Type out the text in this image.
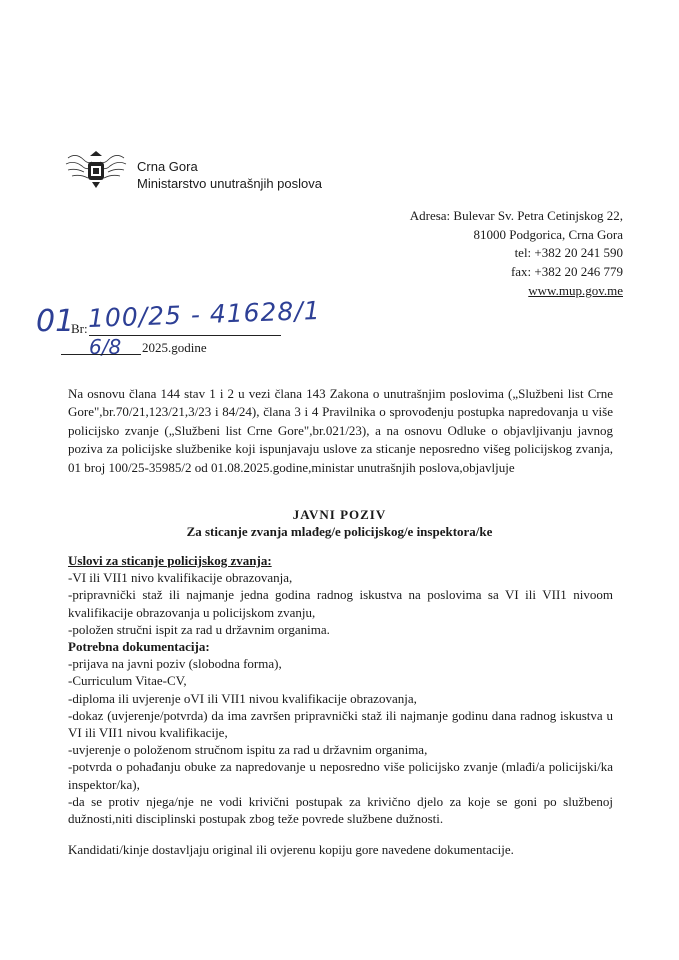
Crna Gora
Ministarstvo unutrašnjih poslova
Adresa: Bulevar Sv. Petra Cetinjskog 22,
81000 Podgorica, Crna Gora
tel: +382 20 241 590
fax: +382 20 246 779
www.mup.gov.me
01
Br: 100/25 - 41628/1
6/8 2025.godine
Na osnovu člana 144 stav 1 i 2 u vezi člana 143 Zakona o unutrašnjim poslovima („Službeni list Crne Gore",br.70/21,123/21,3/23 i 84/24), člana 3 i 4 Pravilnika o sprovođenju postupka napredovanja u više policijsko zvanje („Službeni list Crne Gore",br.021/23), a na osnovu Odluke o objavljivanju javnog poziva za policijske službenike koji ispunjavaju uslove za sticanje neposredno višeg policijskog zvanja, 01 broj 100/25-35985/2 od 01.08.2025.godine,ministar unutrašnjih poslova,objavljuje
JAVNI POZIV
Za sticanje zvanja mlađeg/e policijskog/e inspektora/ke
Uslovi za sticanje policijskog zvanja:
-VI ili VII1 nivo kvalifikacije obrazovanja,
-pripravnički staž ili najmanje jedna godina radnog iskustva na poslovima sa VI ili VII1 nivoom kvalifikacije obrazovanja u policijskom zvanju,
-položen stručni ispit za rad u državnim organima.
Potrebna dokumentacija:
-prijava na javni poziv (slobodna forma),
-Curriculum Vitae-CV,
-diploma ili uvjerenje oVI ili VII1 nivou kvalifikacije obrazovanja,
-dokaz (uvjerenje/potvrda) da ima završen pripravnički staž ili najmanje godinu dana radnog iskustva u VI ili VII1 nivou kvalifikacije,
-uvjerenje o položenom stručnom ispitu za rad u državnim organima,
-potvrda o pohađanju obuke za napredovanje u neposredno više policijsko zvanje (mlađi/a policijski/ka inspektor/ka),
-da se protiv njega/nje ne vodi krivični postupak za krivično djelo za koje se goni po službenoj dužnosti,niti disciplinski postupak zbog teže povrede službene dužnosti.
Kandidati/kinje dostavljaju original ili ovjerenu kopiju gore navedene dokumentacije.
